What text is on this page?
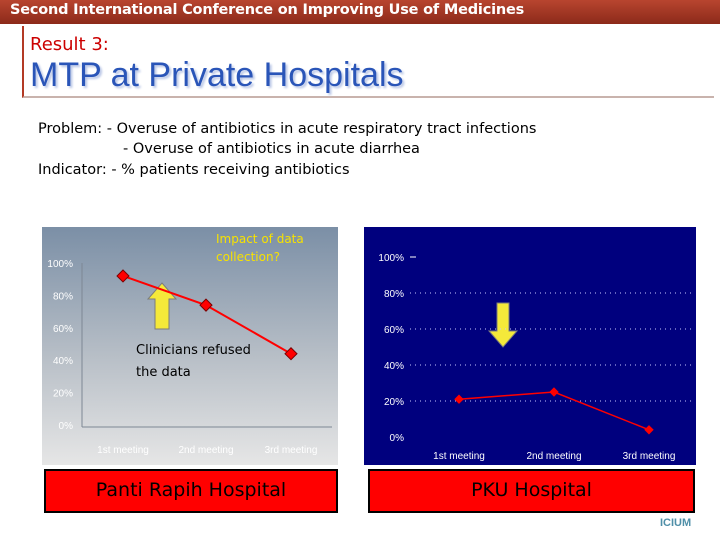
Second International Conference on Improving Use of Medicines
Result 3:
MTP at Private Hospitals
Problem: - Overuse of antibiotics in acute respiratory tract infections
- Overuse of antibiotics in acute diarrhea
Indicator: - % patients receiving antibiotics
Impact of data
collection?
Clinicians refused
the data
0%
20%
40%
60%
80%
100%
1st meeting	2nd meeting	3rd meeting
0%
20%
40%
60%
80%
100%
1st meeting	2nd meeting	3rd meeting
Panti Rapih Hospital	PKU Hospital
ICIUM
